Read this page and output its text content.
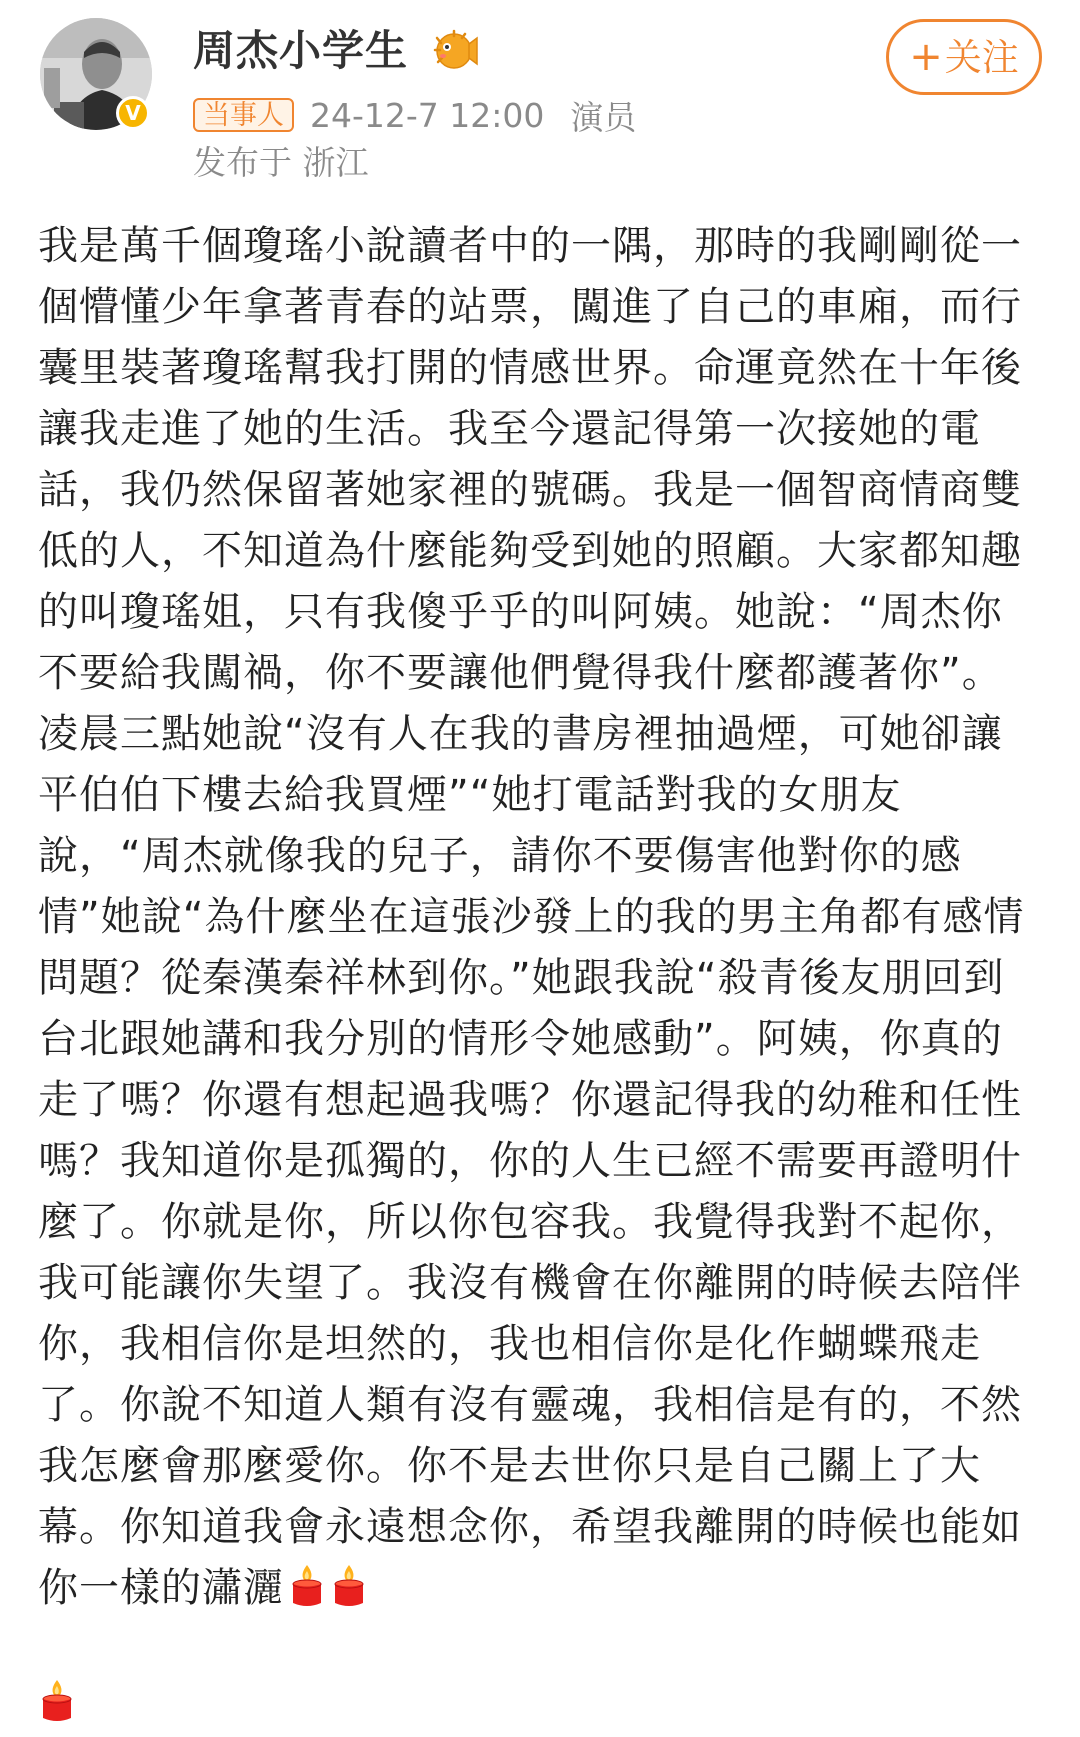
V
周杰小学生	+关注
当事人 24-12-7 12:00 演员
发布于 浙江
我是萬千個瓊瑤小說讀者中的一隅，那時的我剛剛從一個懵懂少年拿著青春的站票，闖進了自己的車廂，而行囊里裝著瓊瑤幫我打開的情感世界。命運竟然在十年後讓我走進了她的生活。我至今還記得第一次接她的電話，我仍然保留著她家裡的號碼。我是一個智商情商雙低的人，不知道為什麼能夠受到她的照顧。大家都知趣的叫瓊瑤姐，只有我傻乎乎的叫阿姨。她說：“周杰你不要給我闖禍，你不要讓他們覺得我什麼都護著你”。凌晨三點她說“沒有人在我的書房裡抽過煙，可她卻讓平伯伯下樓去給我買煙”“她打電話對我的女朋友說，“周杰就像我的兒子，請你不要傷害他對你的感情”她說“為什麼坐在這張沙發上的我的男主角都有感情問題？從秦漢秦祥林到你。”她跟我說“殺青後友朋回到台北跟她講和我分別的情形令她感動”。阿姨，你真的走了嗎？你還有想起過我嗎？你還記得我的幼稚和任性嗎？我知道你是孤獨的，你的人生已經不需要再證明什麼了。你就是你，所以你包容我。我覺得我對不起你，我可能讓你失望了。我沒有機會在你離開的時候去陪伴你，我相信你是坦然的，我也相信你是化作蝴蝶飛走了。你說不知道人類有沒有靈魂，我相信是有的，不然我怎麼會那麼愛你。你不是去世你只是自己關上了大幕。你知道我會永遠想念你，希望我離開的時候也能如你一樣的瀟灑
